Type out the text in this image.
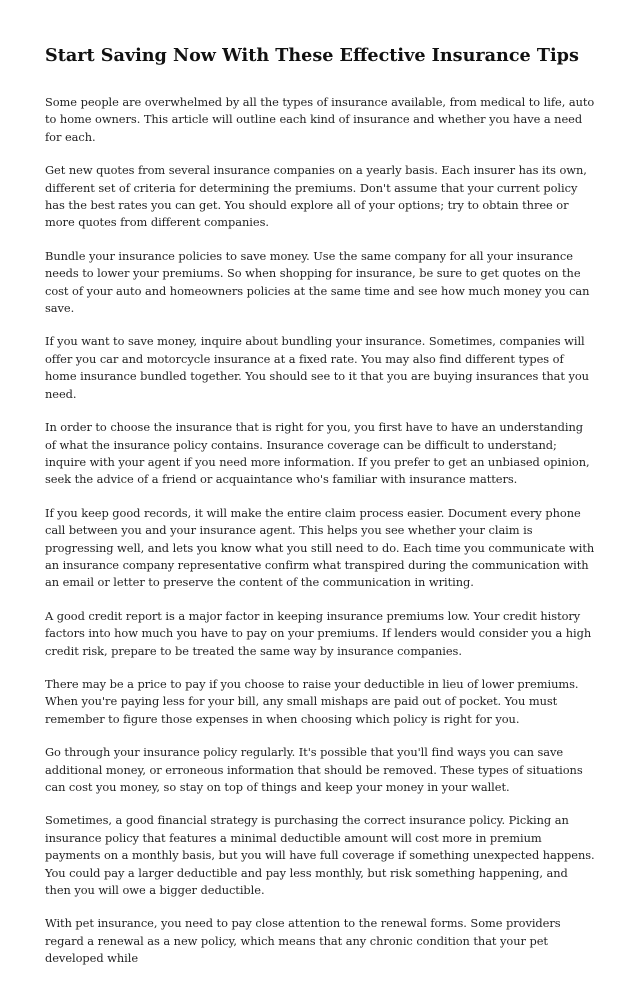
Start Saving Now With These Effective Insurance Tips

Some people are overwhelmed by all the types of insurance available, from medical to life, auto to home owners. This article will outline each kind of insurance and whether you have a need for each.

Get new quotes from several insurance companies on a yearly basis. Each insurer has its own, different set of criteria for determining the premiums. Don't assume that your current policy has the best rates you can get. You should explore all of your options; try to obtain three or more quotes from different companies.

Bundle your insurance policies to save money. Use the same company for all your insurance needs to lower your premiums. So when shopping for insurance, be sure to get quotes on the cost of your auto and homeowners policies at the same time and see how much money you can save.

If you want to save money, inquire about bundling your insurance. Sometimes, companies will offer you car and motorcycle insurance at a fixed rate. You may also find different types of home insurance bundled together. You should see to it that you are buying insurances that you need.

In order to choose the insurance that is right for you, you first have to have an understanding of what the insurance policy contains. Insurance coverage can be difficult to understand; inquire with your agent if you need more information. If you prefer to get an unbiased opinion, seek the advice of a friend or acquaintance who's familiar with insurance matters.

If you keep good records, it will make the entire claim process easier. Document every phone call between you and your insurance agent. This helps you see whether your claim is progressing well, and lets you know what you still need to do. Each time you communicate with an insurance company representative confirm what transpired during the communication with an email or letter to preserve the content of the communication in writing.

A good credit report is a major factor in keeping insurance premiums low. Your credit history factors into how much you have to pay on your premiums. If lenders would consider you a high credit risk, prepare to be treated the same way by insurance companies.

There may be a price to pay if you choose to raise your deductible in lieu of lower premiums. When you're paying less for your bill, any small mishaps are paid out of pocket. You must remember to figure those expenses in when choosing which policy is right for you.

Go through your insurance policy regularly. It's possible that you'll find ways you can save additional money, or erroneous information that should be removed. These types of situations can cost you money, so stay on top of things and keep your money in your wallet.

Sometimes, a good financial strategy is purchasing the correct insurance policy. Picking an insurance policy that features a minimal deductible amount will cost more in premium payments on a monthly basis, but you will have full coverage if something unexpected happens. You could pay a larger deductible and pay less monthly, but risk something happening, and then you will owe a bigger deductible.

With pet insurance, you need to pay close attention to the renewal forms. Some providers regard a renewal as a new policy, which means that any chronic condition that your pet developed while
